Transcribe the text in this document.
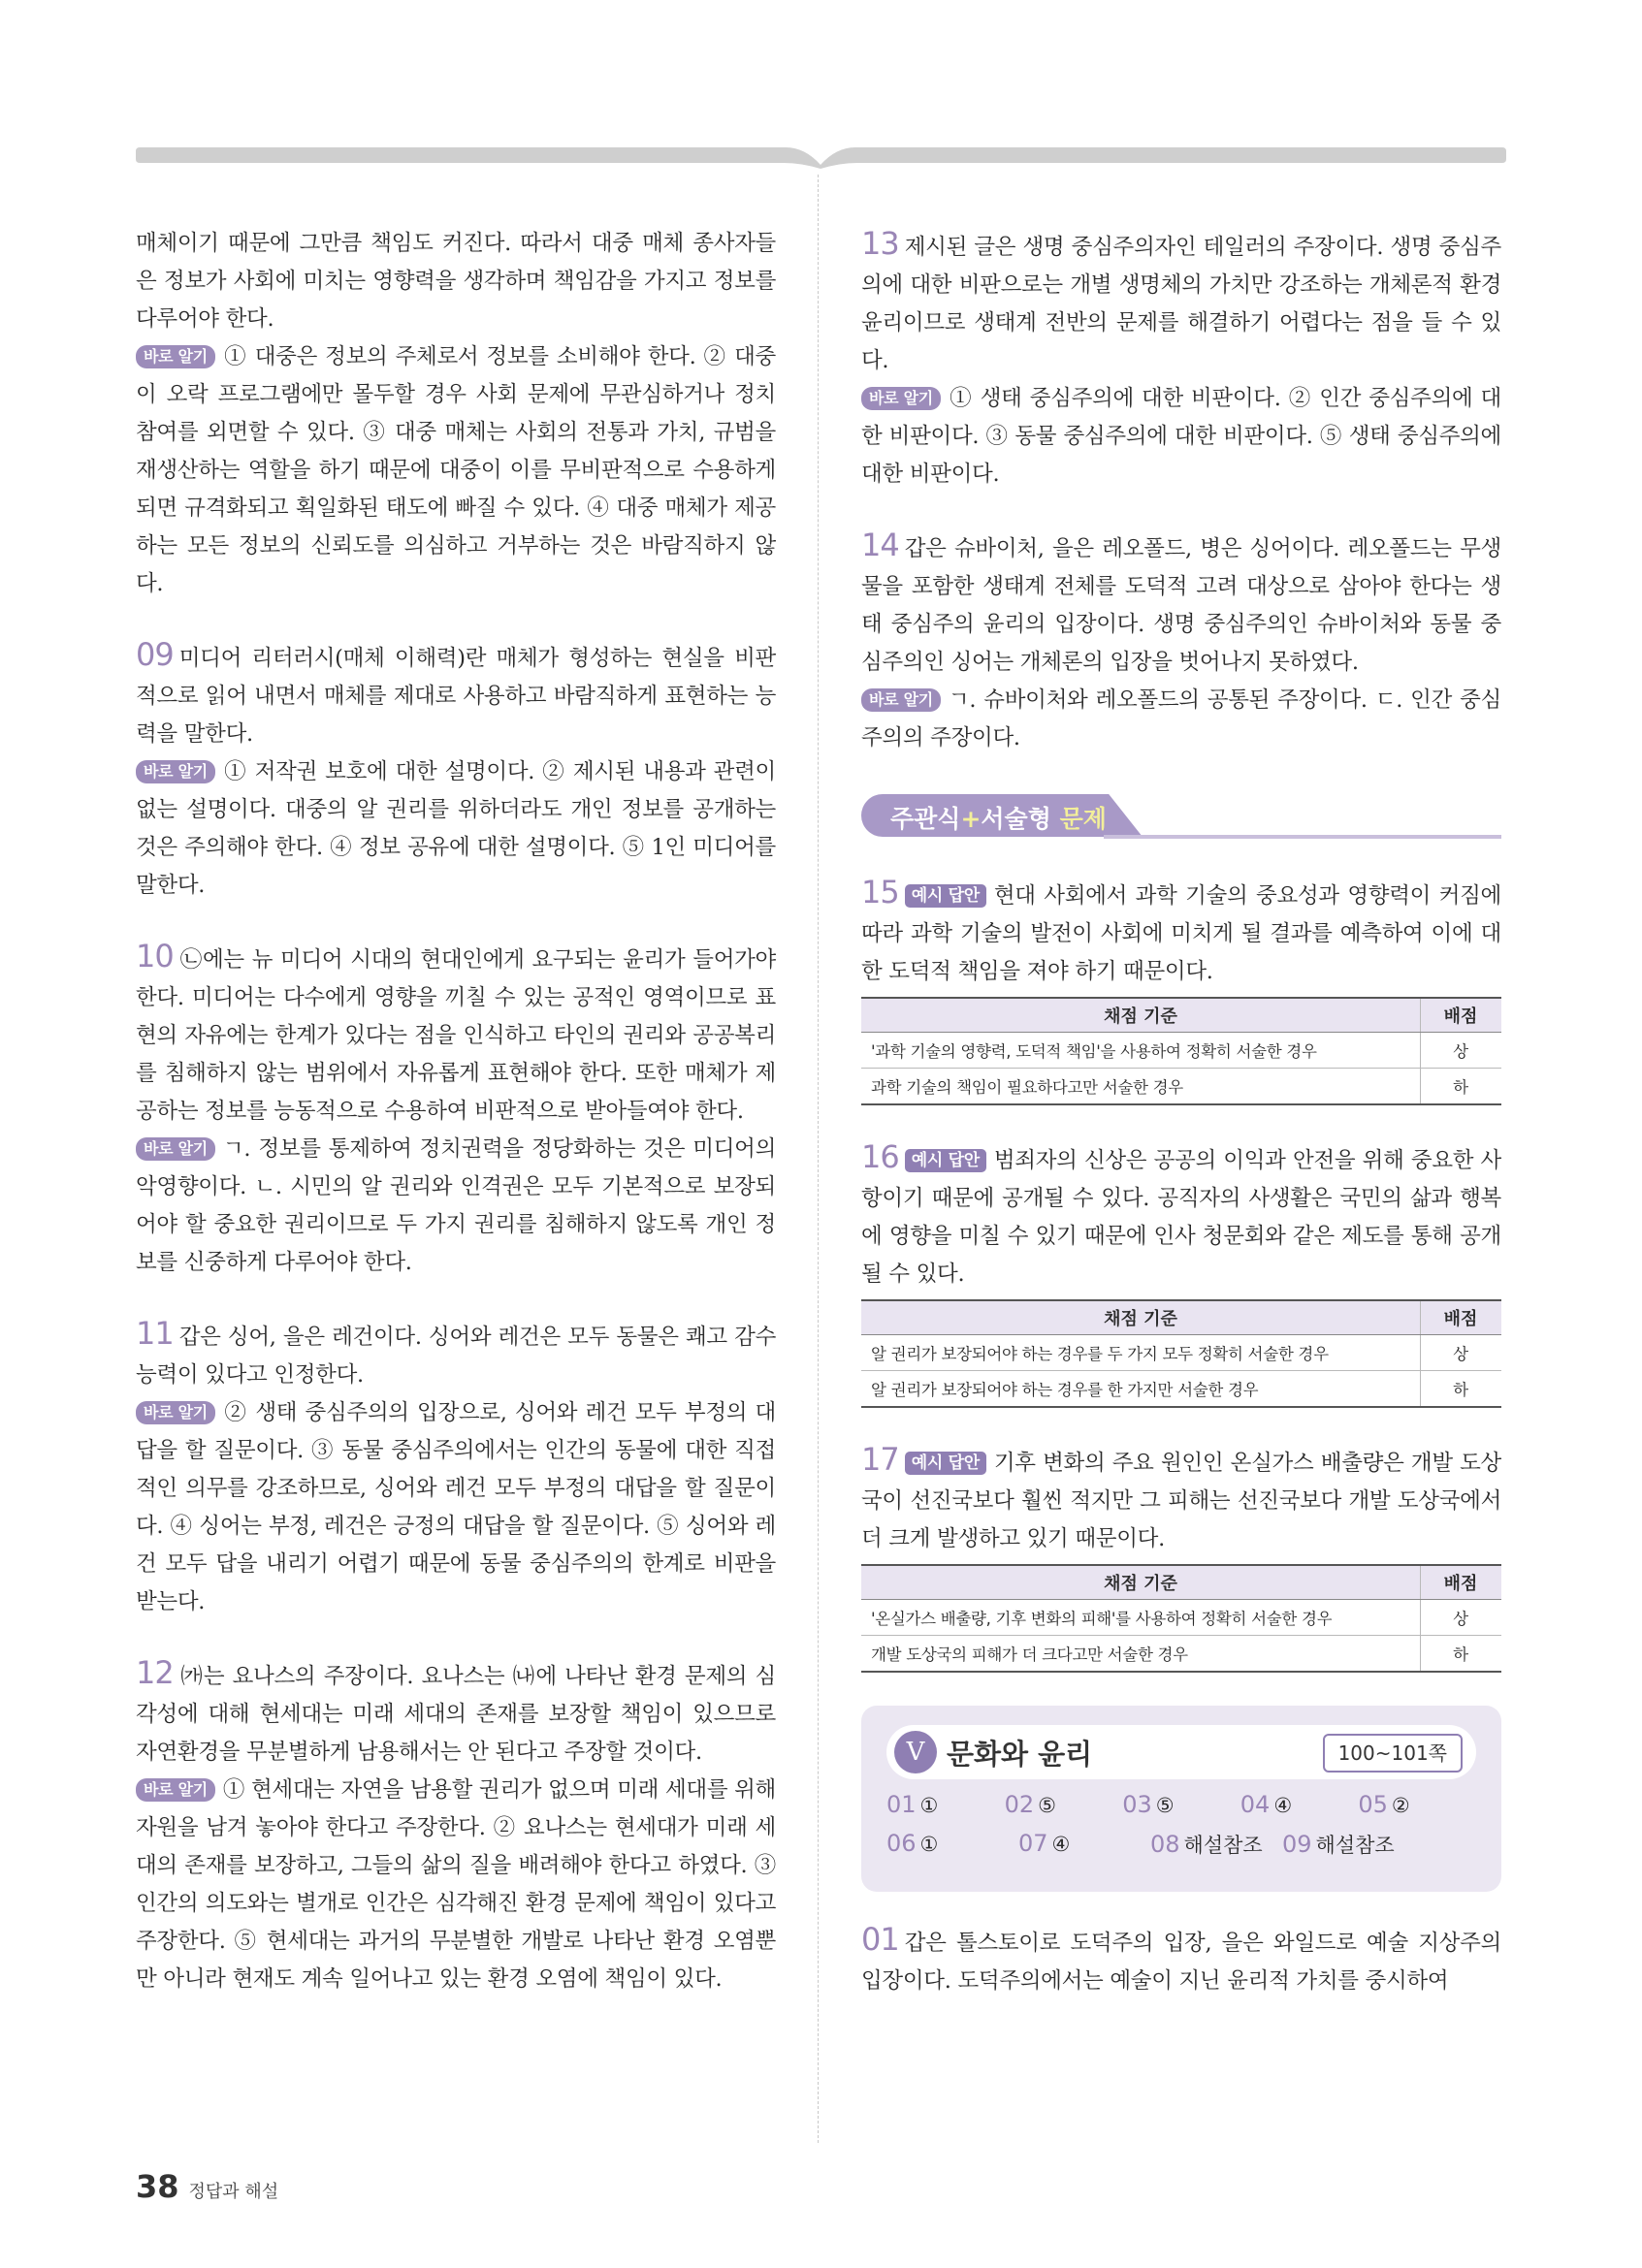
매체이기 때문에 그만큼 책임도 커진다. 따라서 대중 매체 종사자들은 정보가 사회에 미치는 영향력을 생각하며 책임감을 가지고 정보를 다루어야 한다.

바로 알기 ① 대중은 정보의 주체로서 정보를 소비해야 한다. ② 대중이 오락 프로그램에만 몰두할 경우 사회 문제에 무관심하거나 정치 참여를 외면할 수 있다. ③ 대중 매체는 사회의 전통과 가치, 규범을 재생산하는 역할을 하기 때문에 대중이 이를 무비판적으로 수용하게 되면 규격화되고 획일화된 태도에 빠질 수 있다. ④ 대중 매체가 제공하는 모든 정보의 신뢰도를 의심하고 거부하는 것은 바람직하지 않다.

09 미디어 리터러시(매체 이해력)란 매체가 형성하는 현실을 비판적으로 읽어 내면서 매체를 제대로 사용하고 바람직하게 표현하는 능력을 말한다.

바로 알기 ① 저작권 보호에 대한 설명이다. ② 제시된 내용과 관련이 없는 설명이다. 대중의 알 권리를 위하더라도 개인 정보를 공개하는 것은 주의해야 한다. ④ 정보 공유에 대한 설명이다. ⑤ 1인 미디어를 말한다.

10 ㉡에는 뉴 미디어 시대의 현대인에게 요구되는 윤리가 들어가야 한다. 미디어는 다수에게 영향을 끼칠 수 있는 공적인 영역이므로 표현의 자유에는 한계가 있다는 점을 인식하고 타인의 권리와 공공복리를 침해하지 않는 범위에서 자유롭게 표현해야 한다. 또한 매체가 제공하는 정보를 능동적으로 수용하여 비판적으로 받아들여야 한다.

바로 알기 ㄱ. 정보를 통제하여 정치권력을 정당화하는 것은 미디어의 악영향이다. ㄴ. 시민의 알 권리와 인격권은 모두 기본적으로 보장되어야 할 중요한 권리이므로 두 가지 권리를 침해하지 않도록 개인 정보를 신중하게 다루어야 한다.

11 갑은 싱어, 을은 레건이다. 싱어와 레건은 모두 동물은 쾌고 감수 능력이 있다고 인정한다.

바로 알기 ② 생태 중심주의의 입장으로, 싱어와 레건 모두 부정의 대답을 할 질문이다. ③ 동물 중심주의에서는 인간의 동물에 대한 직접적인 의무를 강조하므로, 싱어와 레건 모두 부정의 대답을 할 질문이다. ④ 싱어는 부정, 레건은 긍정의 대답을 할 질문이다. ⑤ 싱어와 레건 모두 답을 내리기 어렵기 때문에 동물 중심주의의 한계로 비판을 받는다.

12 ㈎는 요나스의 주장이다. 요나스는 ㈏에 나타난 환경 문제의 심각성에 대해 현세대는 미래 세대의 존재를 보장할 책임이 있으므로 자연환경을 무분별하게 남용해서는 안 된다고 주장할 것이다.

바로 알기 ① 현세대는 자연을 남용할 권리가 없으며 미래 세대를 위해 자원을 남겨 놓아야 한다고 주장한다. ② 요나스는 현세대가 미래 세대의 존재를 보장하고, 그들의 삶의 질을 배려해야 한다고 하였다. ③ 인간의 의도와는 별개로 인간은 심각해진 환경 문제에 책임이 있다고 주장한다. ⑤ 현세대는 과거의 무분별한 개발로 나타난 환경 오염뿐만 아니라 현재도 계속 일어나고 있는 환경 오염에 책임이 있다.

13 제시된 글은 생명 중심주의자인 테일러의 주장이다. 생명 중심주의에 대한 비판으로는 개별 생명체의 가치만 강조하는 개체론적 환경 윤리이므로 생태계 전반의 문제를 해결하기 어렵다는 점을 들 수 있다.

바로 알기 ① 생태 중심주의에 대한 비판이다. ② 인간 중심주의에 대한 비판이다. ③ 동물 중심주의에 대한 비판이다. ⑤ 생태 중심주의에 대한 비판이다.

14 갑은 슈바이처, 을은 레오폴드, 병은 싱어이다. 레오폴드는 무생물을 포함한 생태계 전체를 도덕적 고려 대상으로 삼아야 한다는 생태 중심주의 윤리의 입장이다. 생명 중심주의인 슈바이처와 동물 중심주의인 싱어는 개체론의 입장을 벗어나지 못하였다.

바로 알기 ㄱ. 슈바이처와 레오폴드의 공통된 주장이다. ㄷ. 인간 중심주의의 주장이다.

주관식+서술형 문제

15 예시 답안 현대 사회에서 과학 기술의 중요성과 영향력이 커짐에 따라 과학 기술의 발전이 사회에 미치게 될 결과를 예측하여 이에 대한 도덕적 책임을 져야 하기 때문이다.

채점 기준	배점
'과학 기술의 영향력, 도덕적 책임'을 사용하여 정확히 서술한 경우	상
과학 기술의 책임이 필요하다고만 서술한 경우	하

16 예시 답안 범죄자의 신상은 공공의 이익과 안전을 위해 중요한 사항이기 때문에 공개될 수 있다. 공직자의 사생활은 국민의 삶과 행복에 영향을 미칠 수 있기 때문에 인사 청문회와 같은 제도를 통해 공개될 수 있다.

채점 기준	배점
알 권리가 보장되어야 하는 경우를 두 가지 모두 정확히 서술한 경우	상
알 권리가 보장되어야 하는 경우를 한 가지만 서술한 경우	하

17 예시 답안 기후 변화의 주요 원인인 온실가스 배출량은 개발 도상국이 선진국보다 훨씬 적지만 그 피해는 선진국보다 개발 도상국에서 더 크게 발생하고 있기 때문이다.

채점 기준	배점
'온실가스 배출량, 기후 변화의 피해'를 사용하여 정확히 서술한 경우	상
개발 도상국의 피해가 더 크다고만 서술한 경우	하
V 문화와 윤리	100~101쪽
01 ①	02 ⑤	03 ⑤	04 ④	05 ②
06 ①	07 ④	08 해설참조 09 해설참조

01 갑은 톨스토이로 도덕주의 입장, 을은 와일드로 예술 지상주의 입장이다. 도덕주의에서는 예술이 지닌 윤리적 가치를 중시하여

38 정답과 해설
